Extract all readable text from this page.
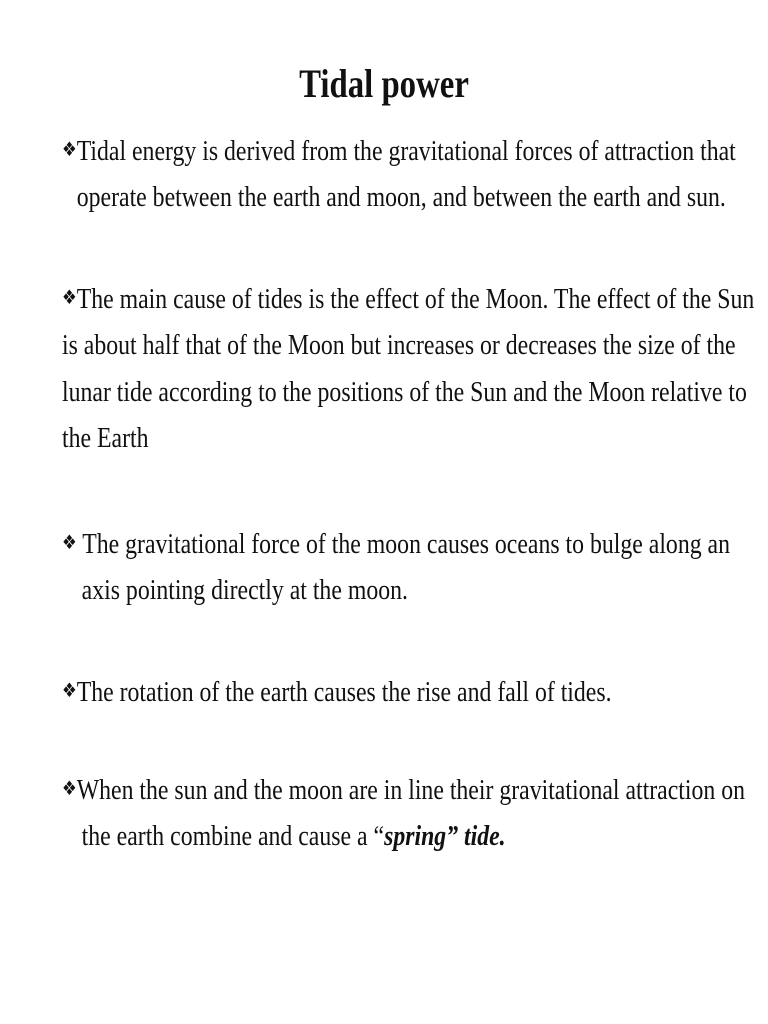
Tidal power
❖Tidal energy is derived from the gravitational forces of attraction that
operate between the earth and moon, and between the earth and sun.
❖The main cause of tides is the effect of the Moon. The effect of the Sun
is about half that of the Moon but increases or decreases the size of the
lunar tide according to the positions of the Sun and the Moon relative to
the Earth
❖ The gravitational force of the moon causes oceans to bulge along an
axis pointing directly at the moon.
❖The rotation of the earth causes the rise and fall of tides.
❖When the sun and the moon are in line their gravitational attraction on
the earth combine and cause a “spring” tide.
